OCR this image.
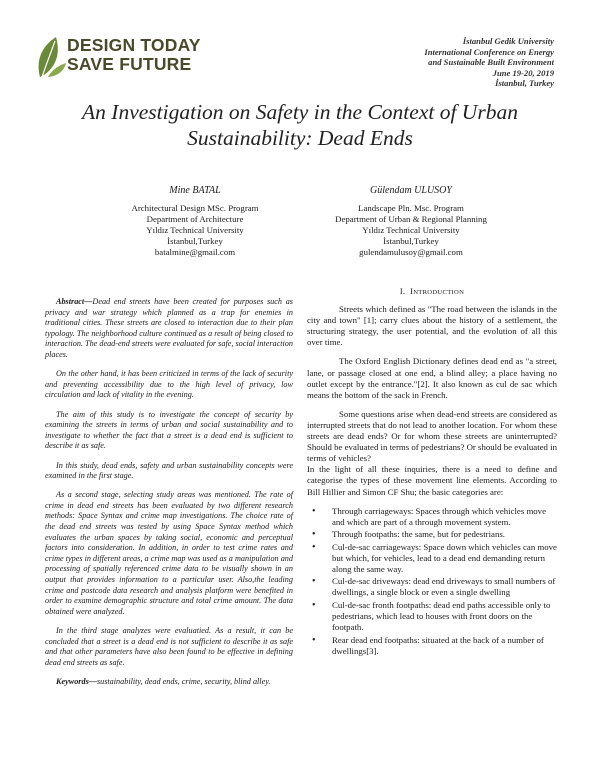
DESIGN TODAY
SAVE FUTURE
İstanbul Gedik University
International Conference on Energy
and Sustainable Built Environment
June 19-20, 2019
İstanbul, Turkey
An Investigation on Safety in the Context of Urban Sustainability: Dead Ends
Mine BATAL
Architectural Design MSc. Program
Department of Architecture
Yıldız Technical University
İstanbul,Turkey
batalmine@gmail.com
Gülendam ULUSOY
Landscape Pln. Msc. Program
Department of Urban & Regional Planning
Yıldız Technical University
İstanbul,Turkey
gulendamulusoy@gmail.com

Abstract—Dead end streets have been created for purposes such as privacy and war strategy which planned as a trap for enemies in traditional cities. These streets are closed to interaction due to their plan typology. The neighborhood culture continued as a result of being closed to interaction. The dead-end streets were evaluated for safe, social interaction places.

On the other hand, it has been criticized in terms of the lack of security and preventing accessibility due to the high level of privacy, low circulation and lack of vitality in the evening.

The aim of this study is to investigate the concept of security by examining the streets in terms of urban and social sustainability and to investigate to whether the fact that a street is a dead end is sufficient to describe it as safe.

In this study, dead ends, safety and urban sustainability concepts were examined in the first stage.

As a second stage, selecting study areas was mentioned. The rate of crime in dead end streets has been evaluated by two different research methods: Space Syntax and crime map investigations. The choice rate of the dead end streets was tested by using Space Syntax method which evaluates the urban spaces by taking social, economic and perceptual factors into consideration. In addition, in order to test crime rates and crime types in different areas, a crime map was used as a manipulation and processing of spatially referenced crime data to be visually shown in an output that provides information to a particular user. Also,the leading crime and postcode data research and analysis platform were benefited in order to examine demographic structure and total crime amount. The data obtained were analyzed.

In the third stage analyzes were evaluatied. As a result, it can be concluded that a street is a dead end is not sufficient to describe it as safe and that other parameters have also been found to be effective in defining dead end streets as safe.

Keywords—sustainability, dead ends, crime, security, blind alley.

I. INTRODUCTION

Streets which defined as "The road between the islands in the city and town" [1]; carry clues about the history of a settlement, the structuring strategy, the user potential, and the evolution of all this over time.

The Oxford English Dictionary defines dead end as "a street, lane, or passage closed at one end, a blind alley; a place having no outlet except by the entrance."[2]. It also known as cul de sac which means the bottom of the sack in French.

Some questions arise when dead-end streets are considered as interrupted streets that do not lead to another location. For whom these streets are dead ends? Or for whom these streets are uninterrupted? Should be evaluated in terms of pedestrians? Or should be evaluated in terms of vehicles?

In the light of all these inquiries, there is a need to define and categorise the types of these movement line elements. According to Bill Hillier and Simon CF Shu; the basic categories are:

• Through carriageways: Spaces through which vehicles move and which are part of a through movement system.
• Through footpaths: the same, but for pedestrians.
• Cul-de-sac carriageways: Space down which vehicles can move but which, for vehicles, lead to a dead end demanding return along the same way.
• Cul-de-sac driveways: dead end driveways to small numbers of dwellings, a single block or even a single dwelling
• Cul-de-sac fronth footpaths: dead end paths accessible only to pedestrians, which lead to houses with front doors on the footpath.
• Rear dead end footpaths: situated at the back of a number of dwellings[3].
